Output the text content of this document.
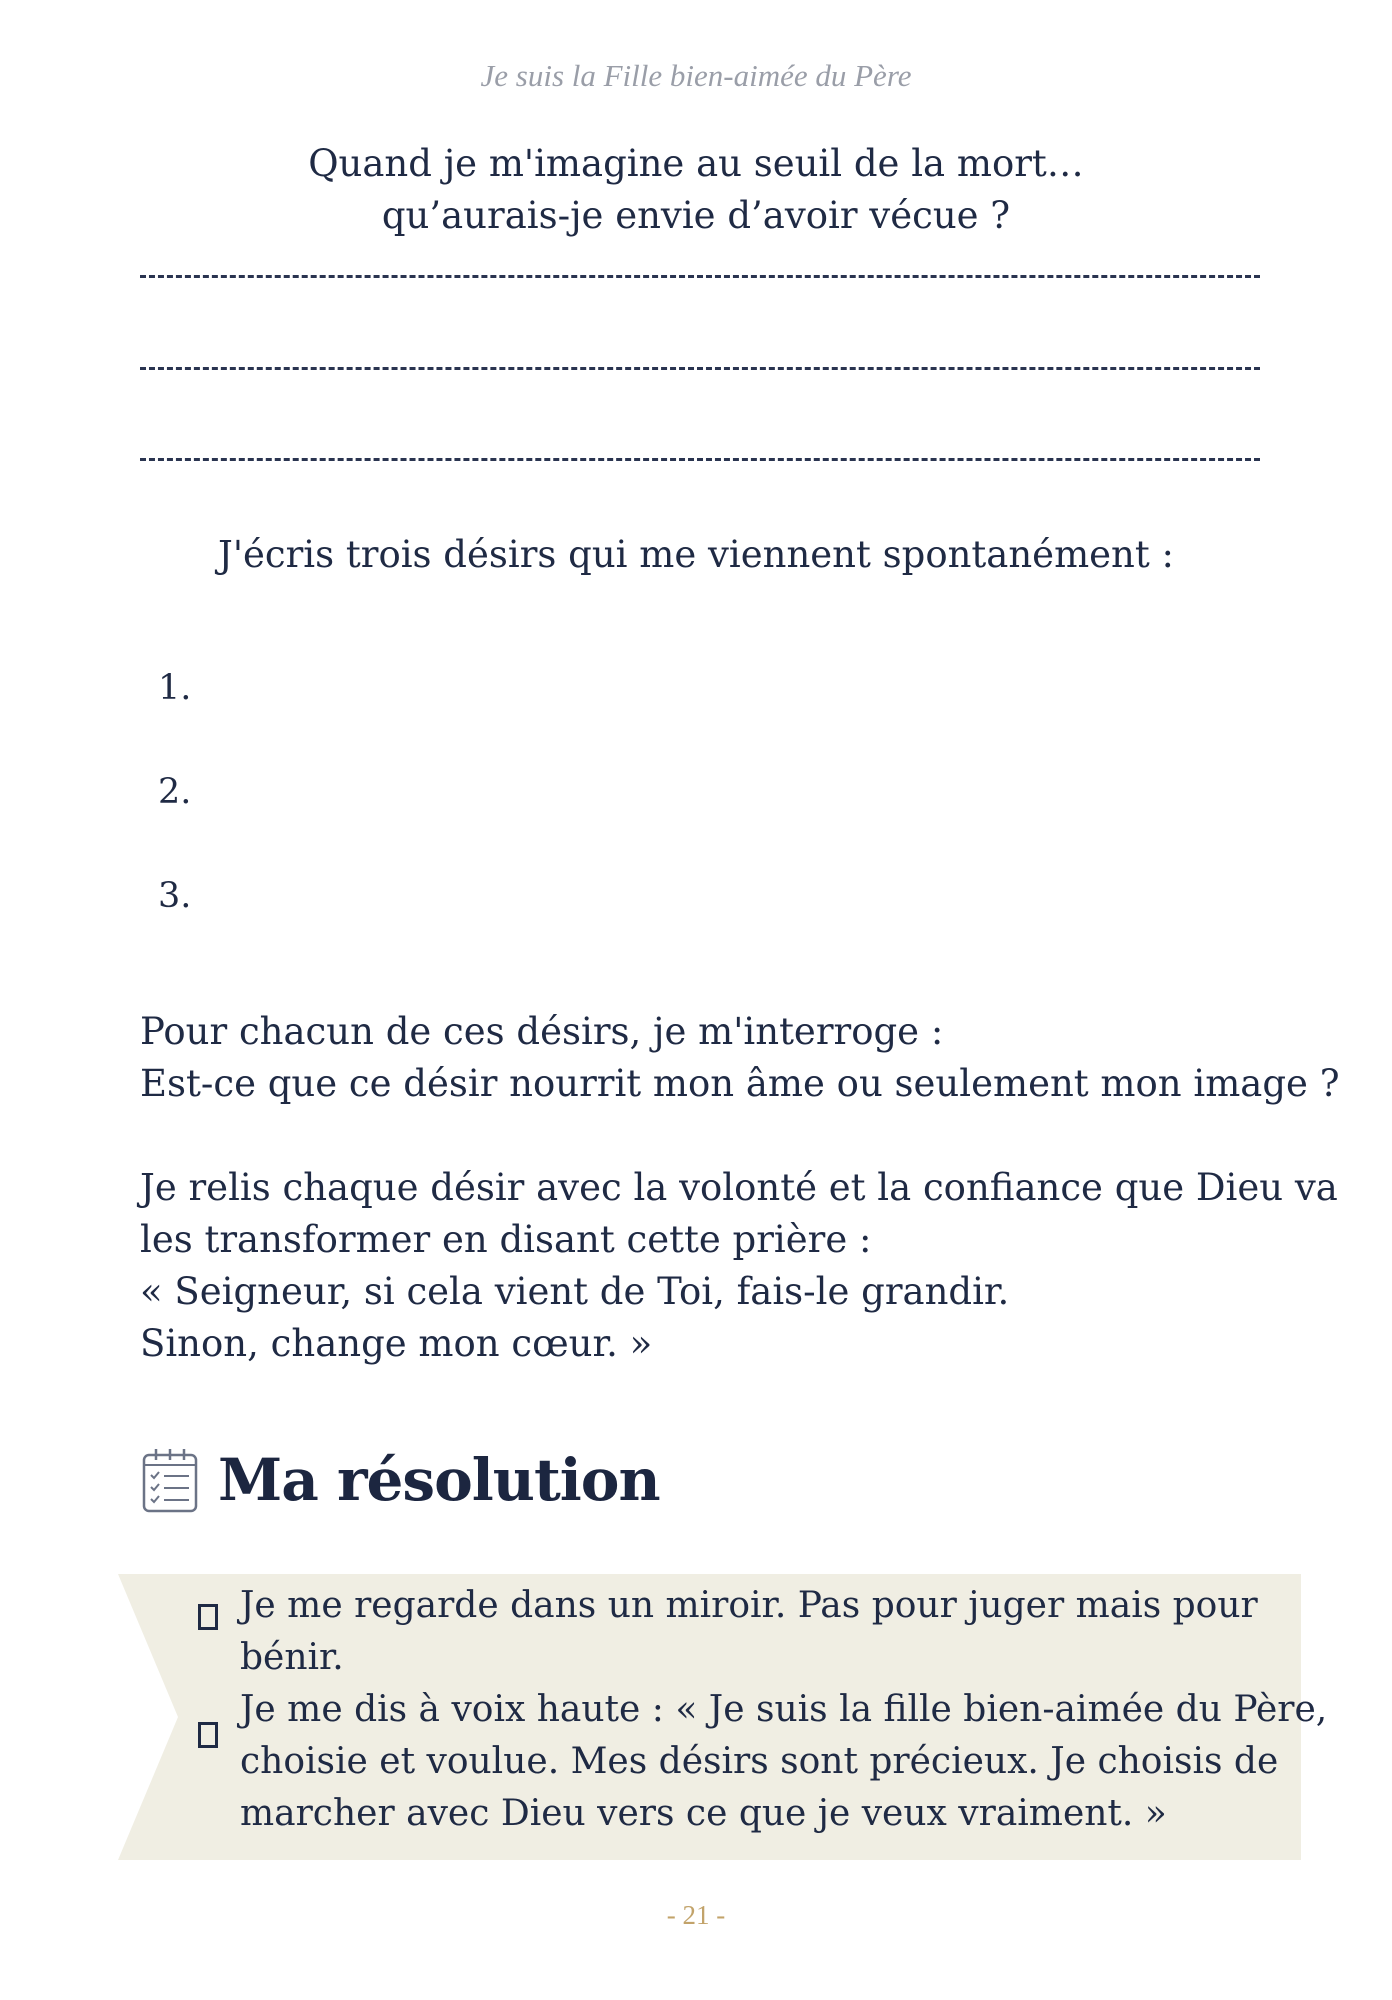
Je suis la Fille bien-aimée du Père
Quand je m'imagine au seuil de la mort…
qu’aurais-je envie d’avoir vécue ?
J'écris trois désirs qui me viennent spontanément :
1.
2.
3.
Pour chacun de ces désirs, je m'interroge :
Est-ce que ce désir nourrit mon âme ou seulement mon image ?
Je relis chaque désir avec la volonté et la confiance que Dieu va
les transformer en disant cette prière :
« Seigneur, si cela vient de Toi, fais-le grandir.
Sinon, change mon cœur. »
Ma résolution
Je me regarde dans un miroir. Pas pour juger mais pour
bénir.
Je me dis à voix haute : « Je suis la fille bien-aimée du Père,
choisie et voulue. Mes désirs sont précieux. Je choisis de
marcher avec Dieu vers ce que je veux vraiment. »
- 21 -
